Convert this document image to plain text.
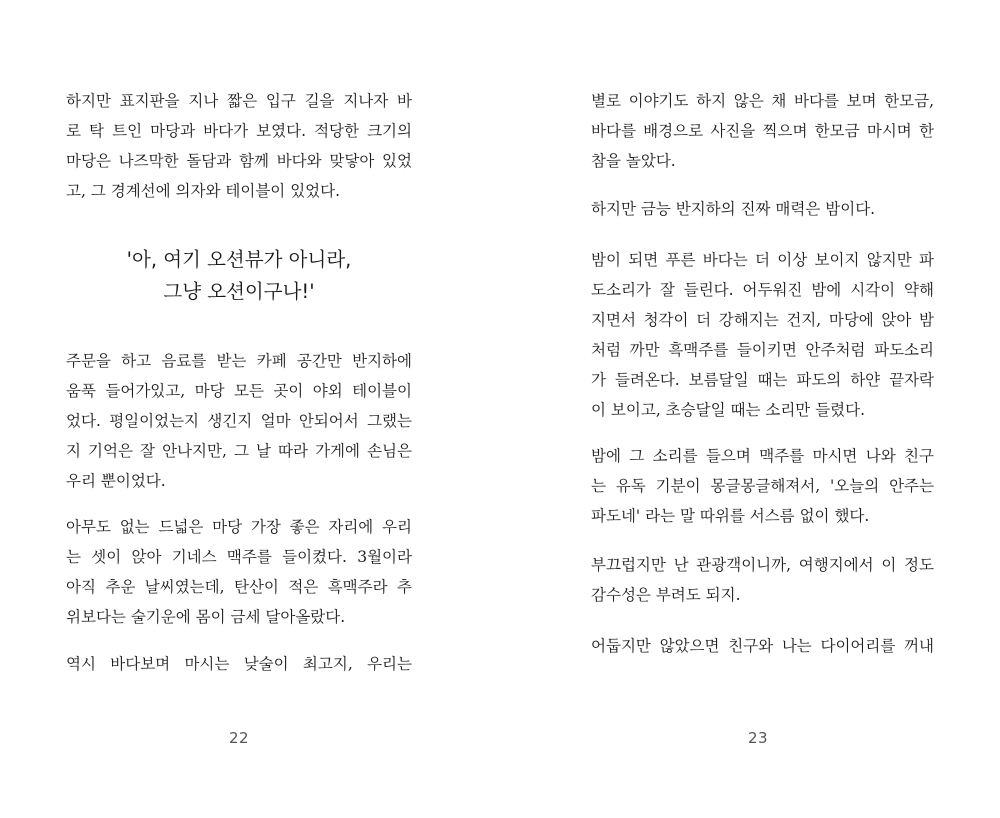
하지만 표지판을 지나 짧은 입구 길을 지나자 바
로 탁 트인 마당과 바다가 보였다. 적당한 크기의
마당은 나즈막한 돌담과 함께 바다와 맞닿아 있었
고, 그 경계선에 의자와 테이블이 있었다.

'아, 여기 오션뷰가 아니라,
그냥 오션이구나!'

주문을 하고 음료를 받는 카페 공간만 반지하에
움푹 들어가있고, 마당 모든 곳이 야외 테이블이
었다. 평일이었는지 생긴지 얼마 안되어서 그랬는
지 기억은 잘 안나지만, 그 날 따라 가게에 손님은
우리 뿐이었다.

아무도 없는 드넓은 마당 가장 좋은 자리에 우리
는 셋이 앉아 기네스 맥주를 들이켰다. 3월이라
아직 추운 날씨였는데, 탄산이 적은 흑맥주라 추
위보다는 술기운에 몸이 금세 달아올랐다.

역시 바다보며 마시는 낮술이 최고지, 우리는

22

별로 이야기도 하지 않은 채 바다를 보며 한모금,
바다를 배경으로 사진을 찍으며 한모금 마시며 한
참을 놀았다.

하지만 금능 반지하의 진짜 매력은 밤이다.

밤이 되면 푸른 바다는 더 이상 보이지 않지만 파
도소리가 잘 들린다. 어두워진 밤에 시각이 약해
지면서 청각이 더 강해지는 건지, 마당에 앉아 밤
처럼 까만 흑맥주를 들이키면 안주처럼 파도소리
가 들려온다. 보름달일 때는 파도의 하얀 끝자락
이 보이고, 초승달일 때는 소리만 들렸다.

밤에 그 소리를 들으며 맥주를 마시면 나와 친구
는 유독 기분이 몽글몽글해져서, '오늘의 안주는
파도네' 라는 말 따위를 서스름 없이 했다.

부끄럽지만 난 관광객이니까, 여행지에서 이 정도
감수성은 부려도 되지.

어둡지만 않았으면 친구와 나는 다이어리를 꺼내

23
